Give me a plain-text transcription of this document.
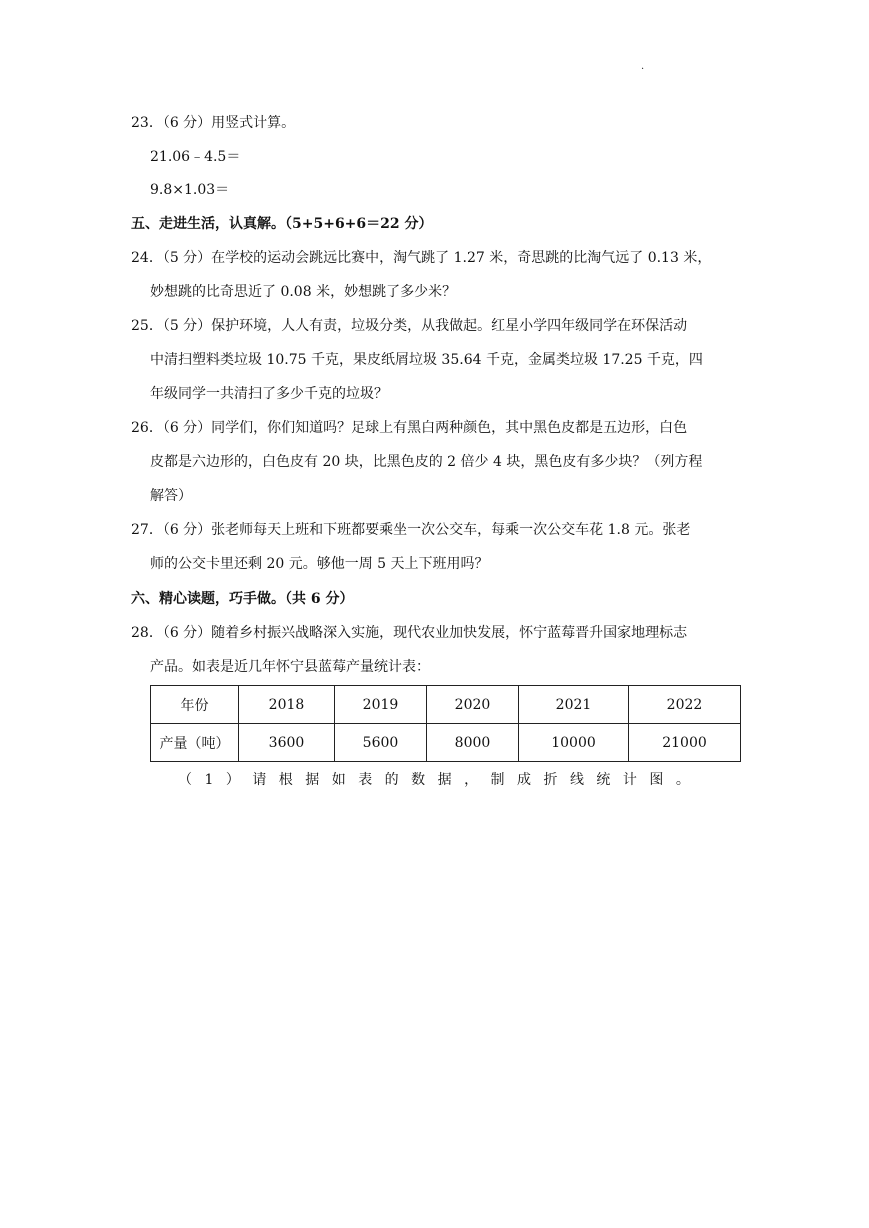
·
23．（6 分）用竖式计算。
21.06﹣4.5＝
9.8×1.03＝
五、走进生活，认真解。（5+5+6+6＝22 分）
24．（5 分）在学校的运动会跳远比赛中，淘气跳了 1.27 米，奇思跳的比淘气远了 0.13 米，
妙想跳的比奇思近了 0.08 米，妙想跳了多少米？
25．（5 分）保护环境，人人有责，垃圾分类，从我做起。红星小学四年级同学在环保活动
中清扫塑料类垃圾 10.75 千克，果皮纸屑垃圾 35.64 千克，金属类垃圾 17.25 千克，四
年级同学一共清扫了多少千克的垃圾？
26．（6 分）同学们，你们知道吗？足球上有黑白两种颜色，其中黑色皮都是五边形，白色
皮都是六边形的，白色皮有 20 块，比黑色皮的 2 倍少 4 块，黑色皮有多少块？（列方程
解答）
27．（6 分）张老师每天上班和下班都要乘坐一次公交车，每乘一次公交车花 1.8 元。张老
师的公交卡里还剩 20 元。够他一周 5 天上下班用吗？
六、精心读题，巧手做。（共 6 分）
28．（6 分）随着乡村振兴战略深入实施，现代农业加快发展，怀宁蓝莓晋升国家地理标志
产品。如表是近几年怀宁县蓝莓产量统计表：
年份	2018	2019	2020	2021	2022
产量（吨）	3600	5600	8000	10000	21000
（ 1 ） 请 根 据 如 表 的 数 据 ， 制 成 折 线 统 计 图 。
